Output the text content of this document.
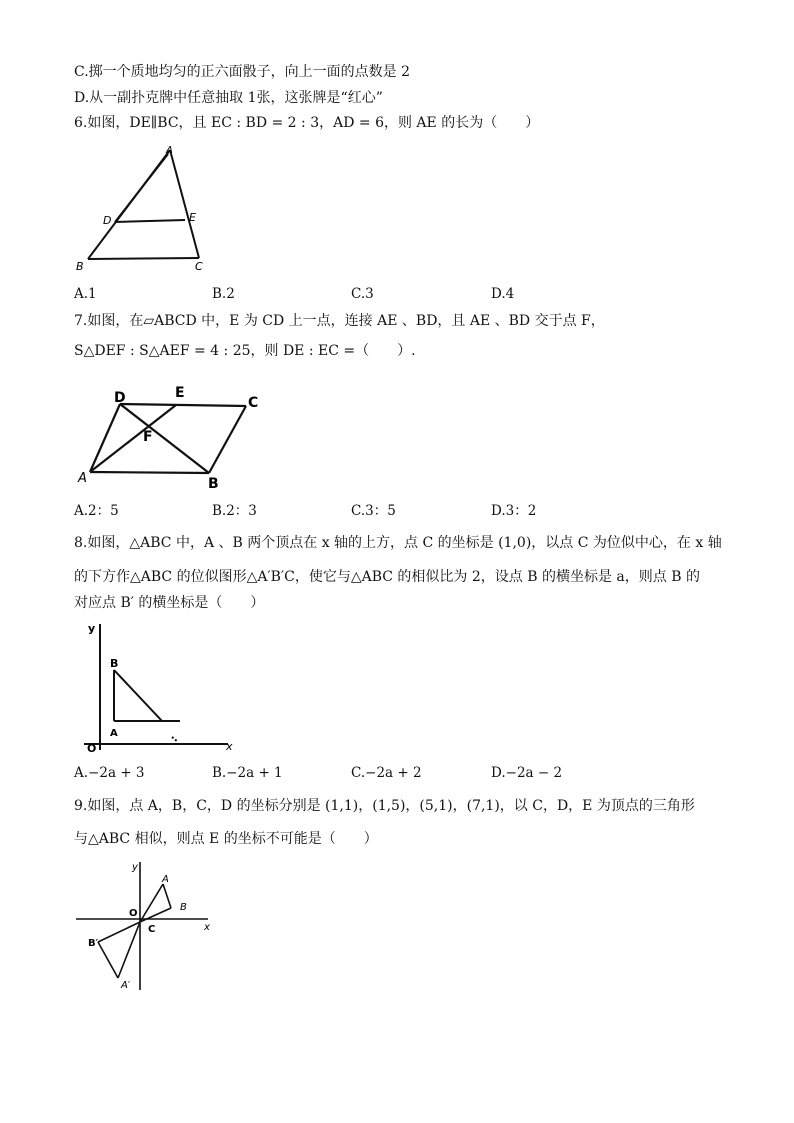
C.掷一个质地均匀的正六面骰子，向上一面的点数是 2
D.从一副扑克牌中任意抽取 1张，这张牌是“红心”
6.如图，DE∥BC，且 EC : BD = 2 : 3，AD = 6，则 AE 的长为（　　）
A
D	E
B	C
A.1	B.2	C.3	D.4
7.如图，在▱ABCD 中，E 为 CD 上一点，连接 AE 、BD，且 AE 、BD 交于点 F，
S△DEF : S△AEF = 4 : 25，则 DE : EC =（　　）.
D	E
C
F
A	B
A.2：5	B.2：3	C.3：5	D.3：2
8.如图，△ABC 中，A 、B 两个顶点在 x 轴的上方，点 C 的坐标是 (1,0)，以点 C 为位似中心，在 x 轴
的下方作△ABC 的位似图形△A′B′C，使它与△ABC 的相似比为 2，设点 B 的横坐标是 a，则点 B 的
对应点 B′ 的横坐标是（　　）
y
B
A
O	x
A.−2a + 3	B.−2a + 1	C.−2a + 2	D.−2a − 2
9.如图，点 A，B，C，D 的坐标分别是 (1,1)，(1,5)，(5,1)，(7,1)，以 C，D，E 为顶点的三角形
与△ABC 相似，则点 E 的坐标不可能是（　　）
y
A
B
O
C	x
B′
A′
